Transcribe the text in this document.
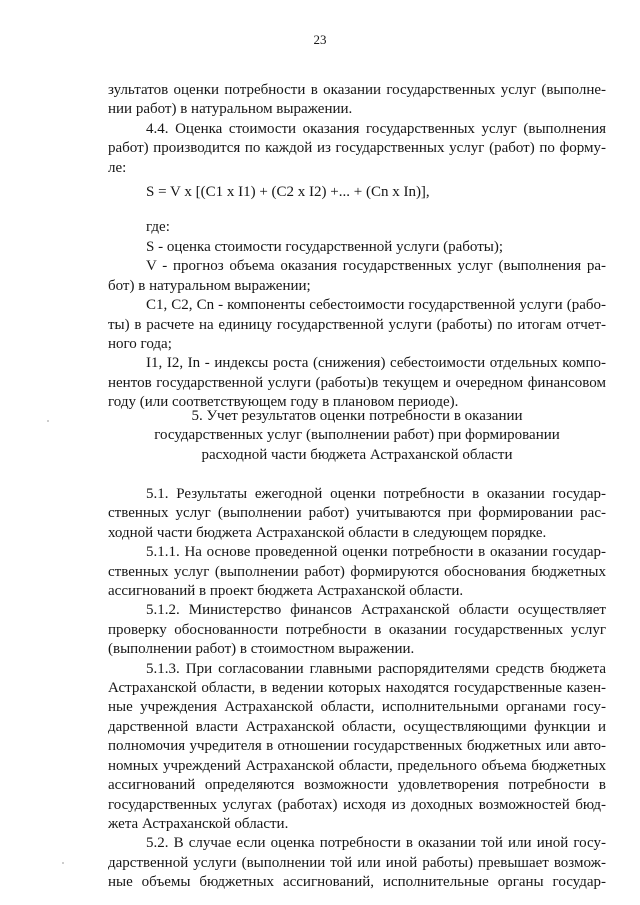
23
зультатов оценки потребности в оказании государственных услуг (выполне-
нии работ) в натуральном выражении.
4.4. Оценка стоимости оказания государственных услуг (выполнения
работ) производится по каждой из государственных услуг (работ) по форму-
ле:
S = V x [(C1 x I1) + (C2 x I2) +... + (Cn x In)],
где:
S - оценка стоимости государственной услуги (работы);
V - прогноз объема оказания государственных услуг (выполнения ра-
бот) в натуральном выражении;
C1, C2, Cn - компоненты себестоимости государственной услуги (рабо-
ты) в расчете на единицу государственной услуги (работы) по итогам отчет-
ного года;
I1, I2, In - индексы роста (снижения) себестоимости отдельных компо-
нентов государственной услуги (работы)в текущем и очередном финансовом
году (или соответствующем году в плановом периоде).
5. Учет результатов оценки потребности в оказании
государственных услуг (выполнении работ) при формировании
расходной части бюджета Астраханской области
5.1. Результаты ежегодной оценки потребности в оказании государ-
ственных услуг (выполнении работ) учитываются при формировании рас-
ходной части бюджета Астраханской области в следующем порядке.
5.1.1. На основе проведенной оценки потребности в оказании государ-
ственных услуг (выполнении работ) формируются обоснования бюджетных
ассигнований в проект бюджета Астраханской области.
5.1.2. Министерство финансов Астраханской области осуществляет
проверку обоснованности потребности в оказании государственных услуг
(выполнении работ) в стоимостном выражении.
5.1.3. При согласовании главными распорядителями средств бюджета
Астраханской области, в ведении которых находятся государственные казен-
ные учреждения Астраханской области, исполнительными органами госу-
дарственной власти Астраханской области, осуществляющими функции и
полномочия учредителя в отношении государственных бюджетных или авто-
номных учреждений Астраханской области, предельного объема бюджетных
ассигнований определяются возможности удовлетворения потребности в
государственных услугах (работах) исходя из доходных возможностей бюд-
жета Астраханской области.
5.2. В случае если оценка потребности в оказании той или иной госу-
дарственной услуги (выполнении той или иной работы) превышает возмож-
ные объемы бюджетных ассигнований, исполнительные органы государ-
